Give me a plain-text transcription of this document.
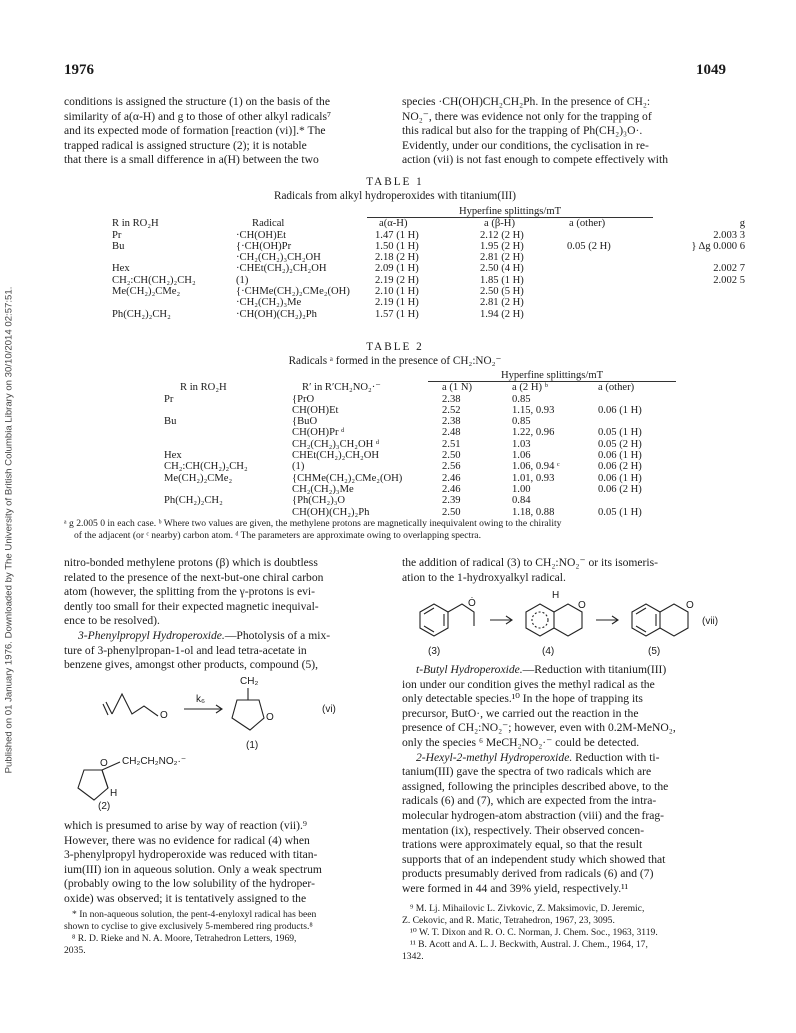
Published on 01 January 1976. Downloaded by The University of British Columbia Library on 30/10/2014 02:57:51.
1976	1049
conditions is assigned the structure (1) on the basis of the
similarity of a(α-H) and g to those of other alkyl radicals⁷
and its expected mode of formation [reaction (vi)].* The
trapped radical is assigned structure (2); it is notable
that there is a small difference in a(H) between the two
species ·CH(OH)CH₂CH₂Ph. In the presence of CH₂:
NO₂⁻, there was evidence not only for the trapping of
this radical but also for the trapping of Ph(CH₂)₃O·.
Evidently, under our conditions, the cyclisation in re-
action (vii) is not fast enough to compete effectively with
TABLE 1
Radicals from alkyl hydroperoxides with titanium(III)
		Hyperfine splittings/mT			
R in RO₂H	Radical	a(α-H)	a (β-H)	a (other)	g
Pr	·CH(OH)Et	1.47 (1 H)	2.12 (2 H)		2.003 3
Bu	{·CH(OH)Pr	1.50 (1 H)	1.95 (2 H)	0.05 (2 H)	} Δg 0.000 6
	·CH₂(CH₂)₃CH₂OH	2.18 (2 H)	2.81 (2 H)		
Hex	·CHEt(CH₂)₂CH₂OH	2.09 (1 H)	2.50 (4 H)		2.002 7
CH₂:CH(CH₂)₂CH₂	(1)	2.19 (2 H)	1.85 (1 H)		2.002 5
Me(CH₂)₂CMe₂	{·CHMe(CH₂)₂CMe₂(OH)	2.10 (1 H)	2.50 (5 H)		
	·CH₂(CH₂)₃Me	2.19 (1 H)	2.81 (2 H)		
Ph(CH₂)₂CH₂	·CH(OH)(CH₂)₂Ph	1.57 (1 H)	1.94 (2 H)		
TABLE 2
Radicals ᵃ formed in the presence of CH₂:NO₂⁻
		Hyperfine splittings/mT		
R in RO₂H	R′ in R′CH₂NO₂·⁻	a (1 N)	a (2 H) ᵇ	a (other)
Pr	{PrO	2.38	0.85	
	CH(OH)Et	2.52	1.15, 0.93	0.06 (1 H)
Bu	{BuO	2.38	0.85	
	CH(OH)Pr ᵈ	2.48	1.22, 0.96	0.05 (1 H)
	CH₂(CH₂)₃CH₂OH ᵈ	2.51	1.03	0.05 (2 H)
Hex	CHEt(CH₂)₂CH₂OH	2.50	1.06	0.06 (1 H)
CH₂:CH(CH₂)₂CH₂	(1)	2.56	1.06, 0.94 ᶜ	0.06 (2 H)
Me(CH₂)₂CMe₂	{CHMe(CH₂)₂CMe₂(OH)	2.46	1.01, 0.93	0.06 (1 H)
	CH₂(CH₂)₃Me	2.46	1.00	0.06 (2 H)
Ph(CH₂)₂CH₂	{Ph(CH₂)₃O	2.39	0.84	
	CH(OH)(CH₂)₂Ph	2.50	1.18, 0.88	0.05 (1 H)
ᵃ g 2.005 0 in each case. ᵇ Where two values are given, the methylene protons are magnetically inequivalent owing to the chirality
of the adjacent (or ᶜ nearby) carbon atom. ᵈ The parameters are approximate owing to overlapping spectra.
nitro-bonded methylene protons (β) which is doubtless
related to the presence of the next-but-one chiral carbon
atom (however, the splitting from the γ-protons is evi-
dently too small for their expected magnetic inequival-
ence to be resolved).
3-Phenylpropyl Hydroperoxide.—Photolysis of a mix-
ture of 3-phenylpropan-1-ol and lead tetra-acetate in
benzene gives, amongst other products, compound (5),
O
k₆
CH₂
O
(vi)
(1)
O CH₂CH₂NO₂·⁻
H
(2)
which is presumed to arise by way of reaction (vii).⁹
However, there was no evidence for radical (4) when
3-phenylpropyl hydroperoxide was reduced with titan-
ium(III) ion in aqueous solution. Only a weak spectrum
(probably owing to the low solubility of the hydroper-
oxide) was observed; it is tentatively assigned to the
* In non-aqueous solution, the pent-4-enyloxyl radical has been
shown to cyclise to give exclusively 5-membered ring products.⁸
⁸ R. D. Rieke and N. A. Moore, Tetrahedron Letters, 1969,
2035.
the addition of radical (3) to CH₂:NO₂⁻ or its isomeris-
ation to the 1-hydroxyalkyl radical.
Ȯ
H
O	O
(vii)
(3)	(4)	(5)
t-Butyl Hydroperoxide.—Reduction with titanium(III)
ion under our condition gives the methyl radical as the
only detectable species.¹⁰ In the hope of trapping its
precursor, ButO·, we carried out the reaction in the
presence of CH₂:NO₂⁻; however, even with 0.2M-MeNO₂,
only the species ⁶ MeCH₂NO₂·⁻ could be detected.
2-Hexyl-2-methyl Hydroperoxide. Reduction with ti-
tanium(III) gave the spectra of two radicals which are
assigned, following the principles described above, to the
radicals (6) and (7), which are expected from the intra-
molecular hydrogen-atom abstraction (viii) and the frag-
mentation (ix), respectively. Their observed concen-
trations were approximately equal, so that the result
supports that of an independent study which showed that
products presumably derived from radicals (6) and (7)
were formed in 44 and 39% yield, respectively.¹¹
⁹ M. Lj. Mihailovic L. Zivkovic, Z. Maksimovic, D. Jeremic,
Z. Cekovic, and R. Matic, Tetrahedron, 1967, 23, 3095.
¹⁰ W. T. Dixon and R. O. C. Norman, J. Chem. Soc., 1963, 3119.
¹¹ B. Acott and A. L. J. Beckwith, Austral. J. Chem., 1964, 17,
1342.
